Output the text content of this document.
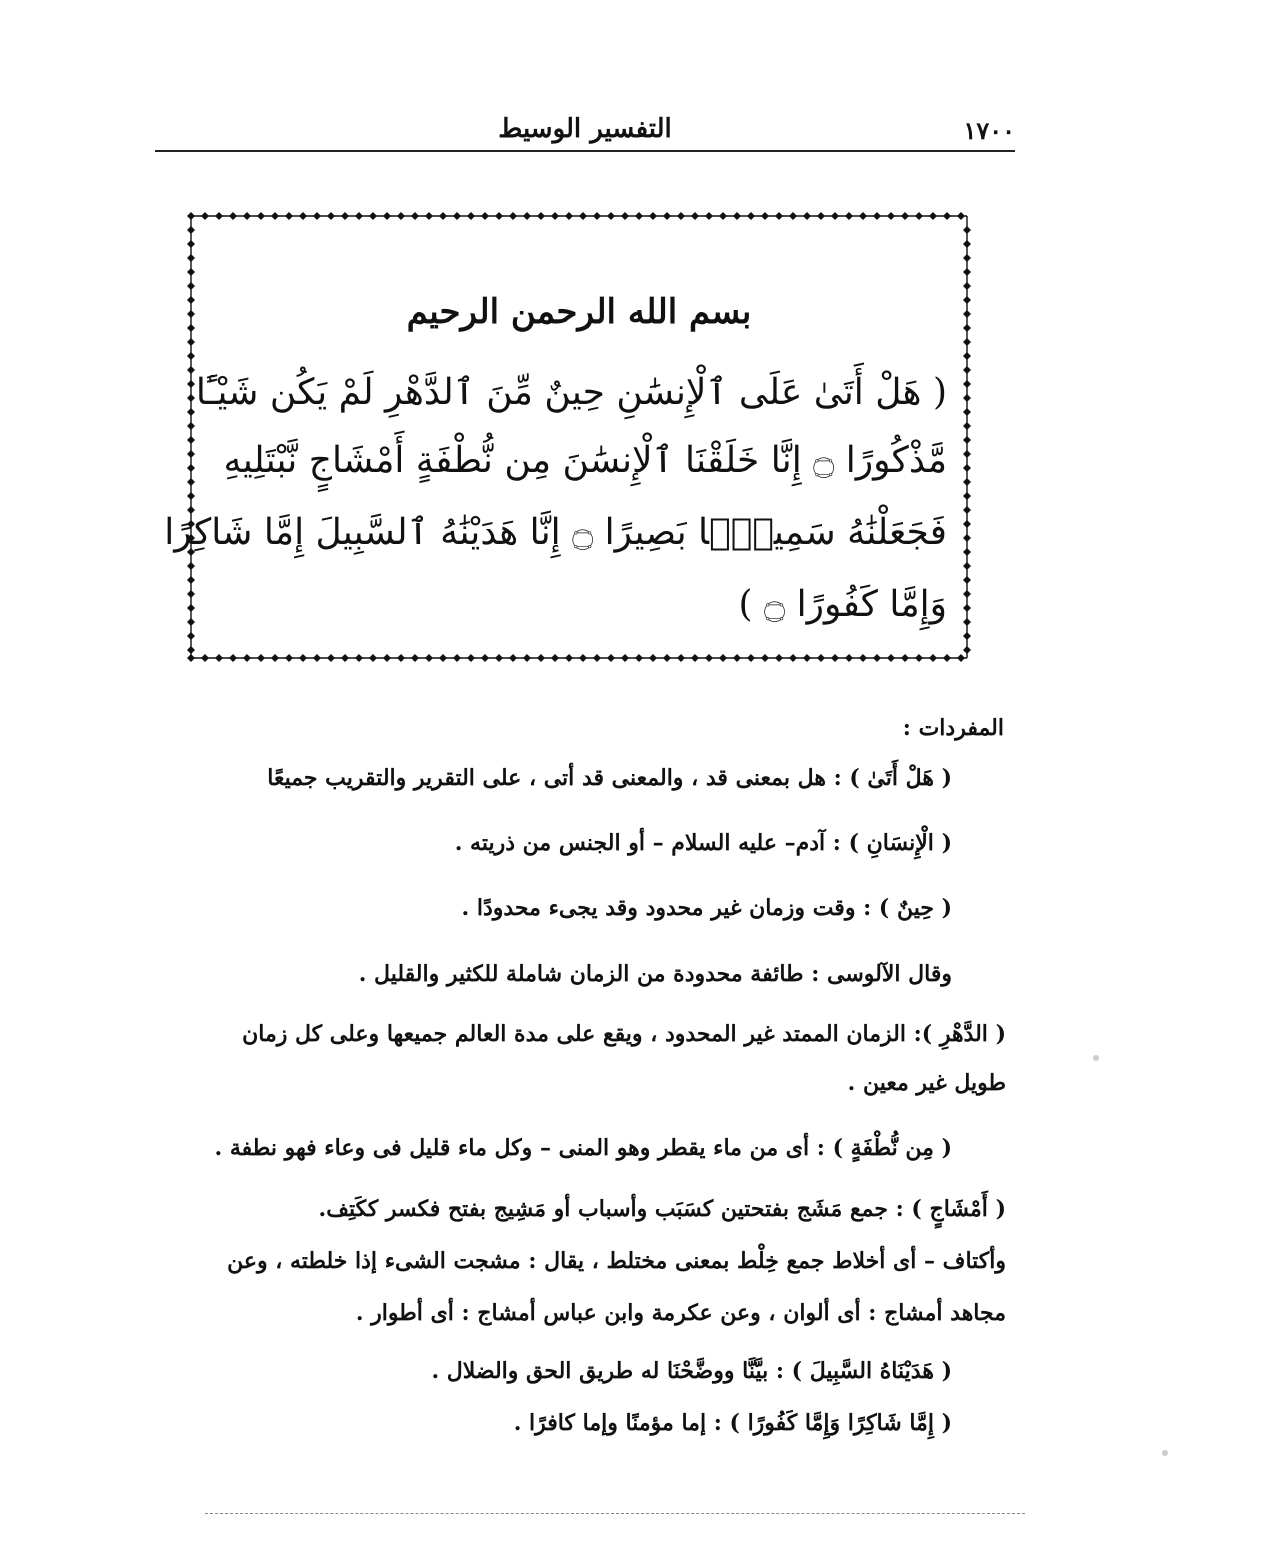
١٧٠٠
التفسير الوسيط
بسم الله الرحمن الرحيم
( هَلْ أَتَىٰ عَلَى ٱلْإِنسَٰنِ حِينٌ مِّنَ ٱلدَّهْرِ لَمْ يَكُن شَيْـًٔا
مَّذْكُورًا ۝ إِنَّا خَلَقْنَا ٱلْإِنسَٰنَ مِن نُّطْفَةٍ أَمْشَاجٍ نَّبْتَلِيهِ
فَجَعَلْنَٰهُ سَمِيعًۢا بَصِيرًا ۝ إِنَّا هَدَيْنَٰهُ ٱلسَّبِيلَ إِمَّا شَاكِرًا
وَإِمَّا كَفُورًا ۝ )
المفردات :
( هَلْ أَتَىٰ ) : هل بمعنى قد ، والمعنى قد أتى ، على التقرير والتقريب جميعًا
( الْإِنسَانِ ) : آدم– عليه السلام – أو الجنس من ذريته .
( حِينٌ ) : وقت وزمان غير محدود وقد يجىء محدودًا .
وقال الآلوسى : طائفة محدودة من الزمان شاملة للكثير والقليل .
( الدَّهْرِ ): الزمان الممتد غير المحدود ، ويقع على مدة العالم جميعها وعلى كل زمان
طويل غير معين .
( مِن نُّطْفَةٍ ) : أى من ماء يقطر وهو المنى – وكل ماء قليل فى وعاء فهو نطفة .
( أَمْشَاجٍ ) : جمع مَشَج بفتحتين كسَبَب وأسباب أو مَشِيج بفتح فكسر ككَتِف.
وأكتاف – أى أخلاط جمع خِلْط بمعنى مختلط ، يقال : مشجت الشىء إذا خلطته ، وعن
مجاهد أمشاج : أى ألوان ، وعن عكرمة وابن عباس أمشاج : أى أطوار .
( هَدَيْنَاهُ السَّبِيلَ ) : بيَّنَّا ووضَّحْنَا له طريق الحق والضلال .
( إِمَّا شَاكِرًا وَإِمَّا كَفُورًا ) : إما مؤمنًا وإما كافرًا .
